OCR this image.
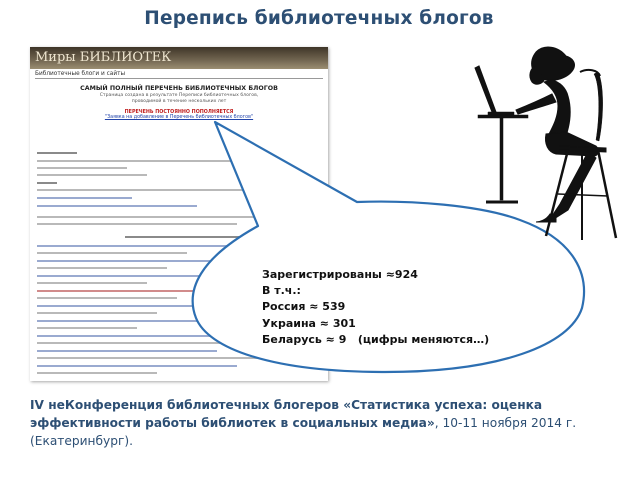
Перепись библиотечных блогов
Миры БИБЛИОТЕК
Библиотечные блоги и сайты
САМЫЙ ПОЛНЫЙ ПЕРЕЧЕНЬ БИБЛИОТЕЧНЫХ БЛОГОВ
Страница создана в результате Переписи библиотечных блогов,
проводимой в течение нескольких лет
ПЕРЕЧЕНЬ ПОСТОЯННО ПОПОЛНЯЕТСЯ
"Заявка на добавление в Перечень библиотечных блогов"
Зарегистрированы ≈924
В т.ч.:
Россия ≈ 539
Украина ≈ 301
Беларусь ≈ 9 (цифры меняются…)
IV неКонференция библиотечных блогеров «Статистика успеха: оценка эффективности работы библиотек в социальных медиа», 10-11 ноября 2014 г. (Екатеринбург).
